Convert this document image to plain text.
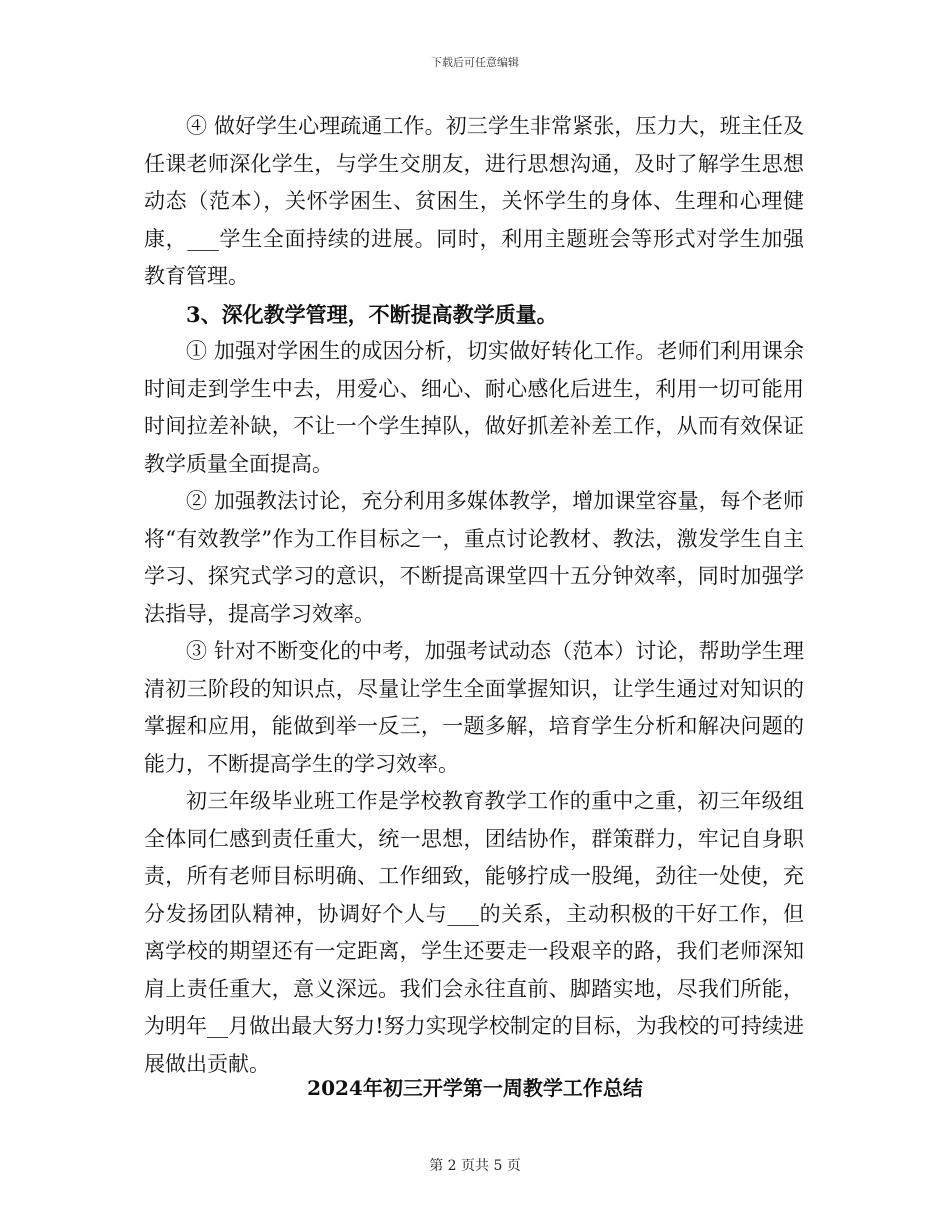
下载后可任意编辑

④ 做好学生心理疏通工作。初三学生非常紧张，压力大，班主任及任课老师深化学生，与学生交朋友，进行思想沟通，及时了解学生思想动态（范本），关怀学困生、贫困生，关怀学生的身体、生理和心理健康，___学生全面持续的进展。同时，利用主题班会等形式对学生加强教育管理。

3、深化教学管理，不断提高教学质量。

① 加强对学困生的成因分析，切实做好转化工作。老师们利用课余时间走到学生中去，用爱心、细心、耐心感化后进生，利用一切可能用时间拉差补缺，不让一个学生掉队，做好抓差补差工作，从而有效保证教学质量全面提高。

② 加强教法讨论，充分利用多媒体教学，增加课堂容量，每个老师将“有效教学”作为工作目标之一，重点讨论教材、教法，激发学生自主学习、探究式学习的意识，不断提高课堂四十五分钟效率，同时加强学法指导，提高学习效率。

③ 针对不断变化的中考，加强考试动态（范本）讨论，帮助学生理清初三阶段的知识点，尽量让学生全面掌握知识，让学生通过对知识的掌握和应用，能做到举一反三，一题多解，培育学生分析和解决问题的能力，不断提高学生的学习效率。

初三年级毕业班工作是学校教育教学工作的重中之重，初三年级组全体同仁感到责任重大，统一思想，团结协作，群策群力，牢记自身职责，所有老师目标明确、工作细致，能够拧成一股绳，劲往一处使，充分发扬团队精神，协调好个人与___的关系，主动积极的干好工作，但离学校的期望还有一定距离，学生还要走一段艰辛的路，我们老师深知肩上责任重大，意义深远。我们会永往直前、脚踏实地，尽我们所能，为明年__月做出最大努力!努力实现学校制定的目标，为我校的可持续进展做出贡献。

2024年初三开学第一周教学工作总结
第 2 页共 5 页
